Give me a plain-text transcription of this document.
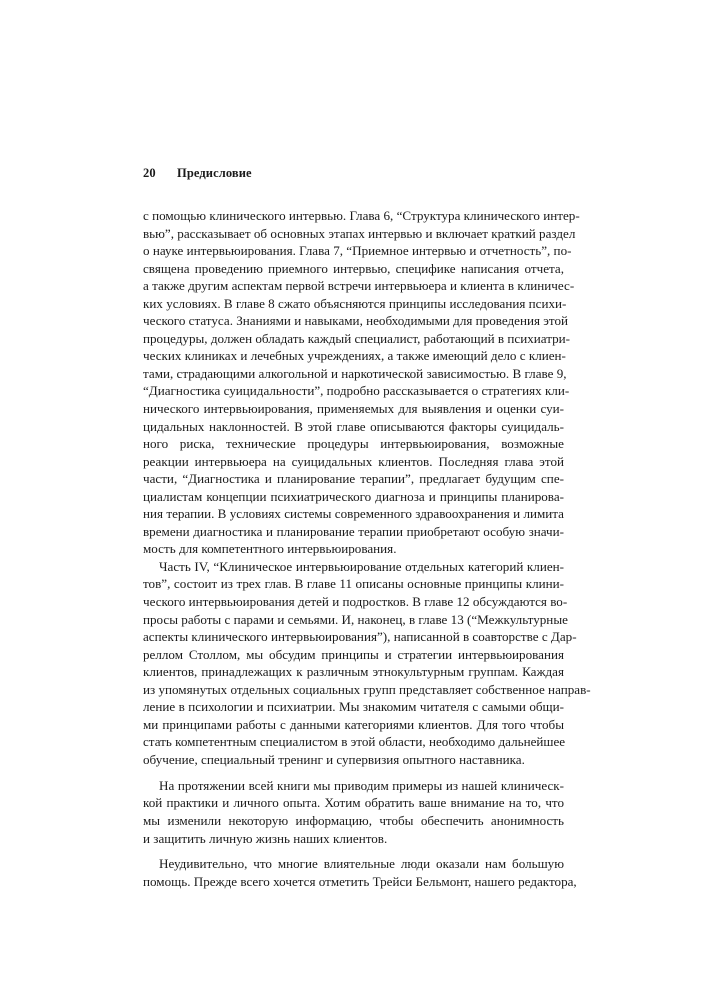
20 Предисловие
с помощью клинического интервью. Глава 6, “Структура клинического интер-
вью”, рассказывает об основных этапах интервью и включает краткий раздел
о науке интервьюирования. Глава 7, “Приемное интервью и отчетность”, по-
священа проведению приемного интервью, специфике написания отчета,
а также другим аспектам первой встречи интервьюера и клиента в клиничес-
ких условиях. В главе 8 сжато объясняются принципы исследования психи-
ческого статуса. Знаниями и навыками, необходимыми для проведения этой
процедуры, должен обладать каждый специалист, работающий в психиатри-
ческих клиниках и лечебных учреждениях, а также имеющий дело с клиен-
тами, страдающими алкогольной и наркотической зависимостью. В главе 9,
“Диагностика суицидальности”, подробно рассказывается о стратегиях кли-
нического интервьюирования, применяемых для выявления и оценки суи-
цидальных наклонностей. В этой главе описываются факторы суицидаль-
ного риска, технические процедуры интервьюирования, возможные
реакции интервьюера на суицидальных клиентов. Последняя глава этой
части, “Диагностика и планирование терапии”, предлагает будущим спе-
циалистам концепции психиатрического диагноза и принципы планирова-
ния терапии. В условиях системы современного здравоохранения и лимита
времени диагностика и планирование терапии приобретают особую значи-
мость для компетентного интервьюирования.
Часть IV, “Клиническое интервьюирование отдельных категорий клиен-
тов”, состоит из трех глав. В главе 11 описаны основные принципы клини-
ческого интервьюирования детей и подростков. В главе 12 обсуждаются во-
просы работы с парами и семьями. И, наконец, в главе 13 (“Межкультурные
аспекты клинического интервьюирования”), написанной в соавторстве с Дар-
реллом Столлом, мы обсудим принципы и стратегии интервьюирования
клиентов, принадлежащих к различным этнокультурным группам. Каждая
из упомянутых отдельных социальных групп представляет собственное направ-
ление в психологии и психиатрии. Мы знакомим читателя с самыми общи-
ми принципами работы с данными категориями клиентов. Для того чтобы
стать компетентным специалистом в этой области, необходимо дальнейшее
обучение, специальный тренинг и супервизия опытного наставника.
На протяжении всей книги мы приводим примеры из нашей клиническ-
кой практики и личного опыта. Хотим обратить ваше внимание на то, что
мы изменили некоторую информацию, чтобы обеспечить анонимность
и защитить личную жизнь наших клиентов.
Неудивительно, что многие влиятельные люди оказали нам большую
помощь. Прежде всего хочется отметить Трейси Бельмонт, нашего редактора,
